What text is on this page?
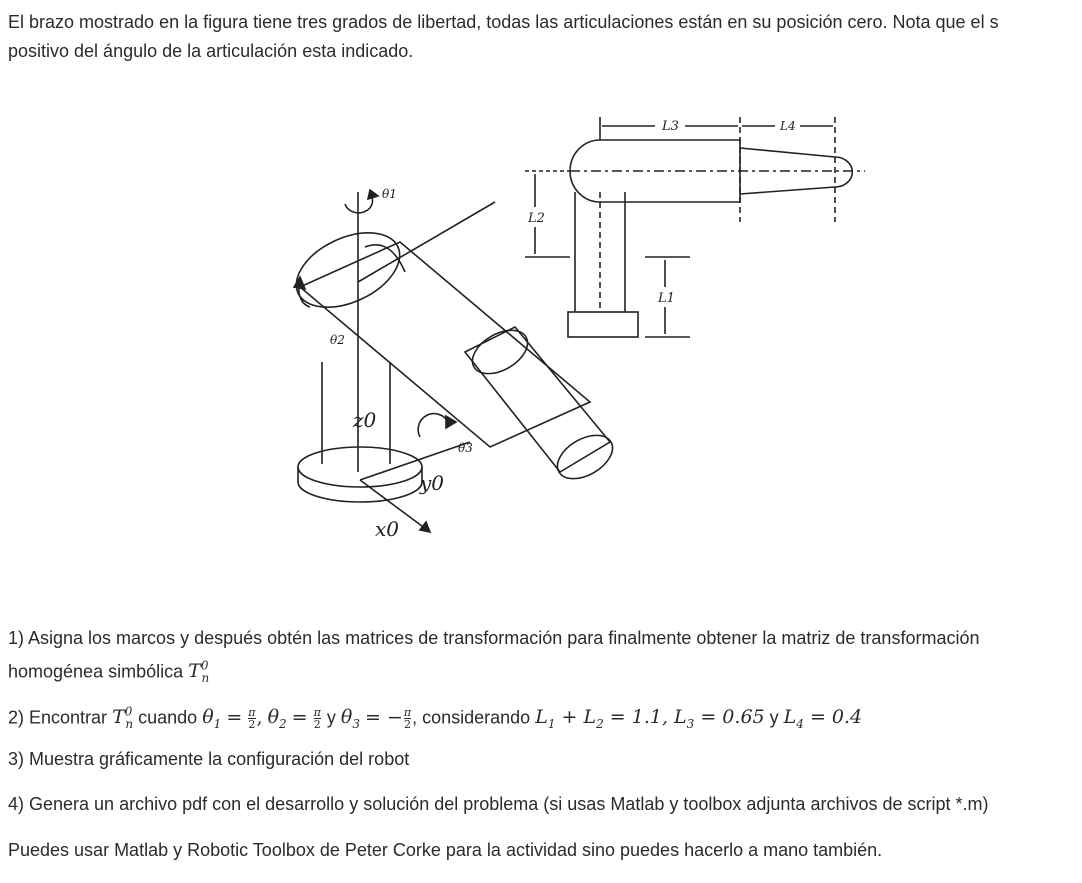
El brazo mostrado en la figura tiene tres grados de libertad, todas las articulaciones están en su posición cero. Nota que el s
positivo del ángulo de la articulación esta indicado.
θ1
θ2
θ3
L1
L2
L3	L4
z0
y0
x0
1) Asigna los marcos y después obtén las matrices de transformación para finalmente obtener la matriz de transformación
homogénea simbólica $T^0_n$
2) Encontrar $T^0_n$ cuando $\theta_1 = \frac{\pi}{2}$ , $\theta_2 = \frac{\pi}{2}$ y $\theta_3$ = − $\frac{\pi}{2}$ , considerando $L_1 + L_2 = 1.1$, $L_3 = 0.65$ y $L_4 = 0.4$
3) Muestra gráficamente la configuración del robot
4) Genera un archivo pdf con el desarrollo y solución del problema (si usas Matlab y toolbox adjunta archivos de script *.m)
Puedes usar Matlab y Robotic Toolbox de Peter Corke para la actividad sino puedes hacerlo a mano también.
